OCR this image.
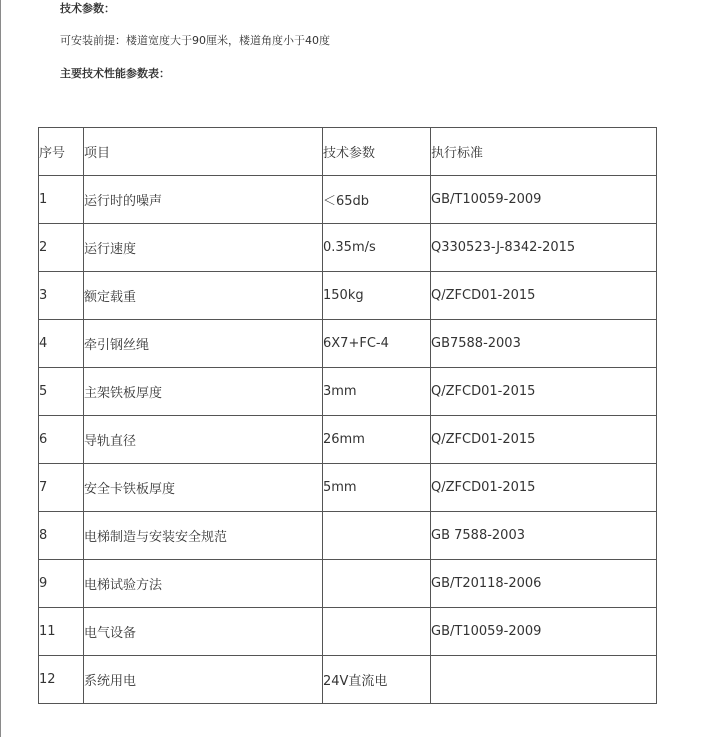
技术参数：
可安装前提：楼道宽度大于90厘米，楼道角度小于40度
主要技术性能参数表：
序号	项目	技术参数	执行标准
1	运行时的噪声	＜65db	GB/T10059-2009
2	运行速度	0.35m/s	Q330523-J-8342-2015
3	额定载重	150kg	Q/ZFCD01-2015
4	牵引钢丝绳	6X7+FC-4	GB7588-2003
5	主架铁板厚度	3mm	Q/ZFCD01-2015
6	导轨直径	26mm	Q/ZFCD01-2015
7	安全卡铁板厚度	5mm	Q/ZFCD01-2015
8	电梯制造与安装安全规范		GB 7588-2003
9	电梯试验方法		GB/T20118-2006
11	电气设备		GB/T10059-2009
12	系统用电	24V直流电	
